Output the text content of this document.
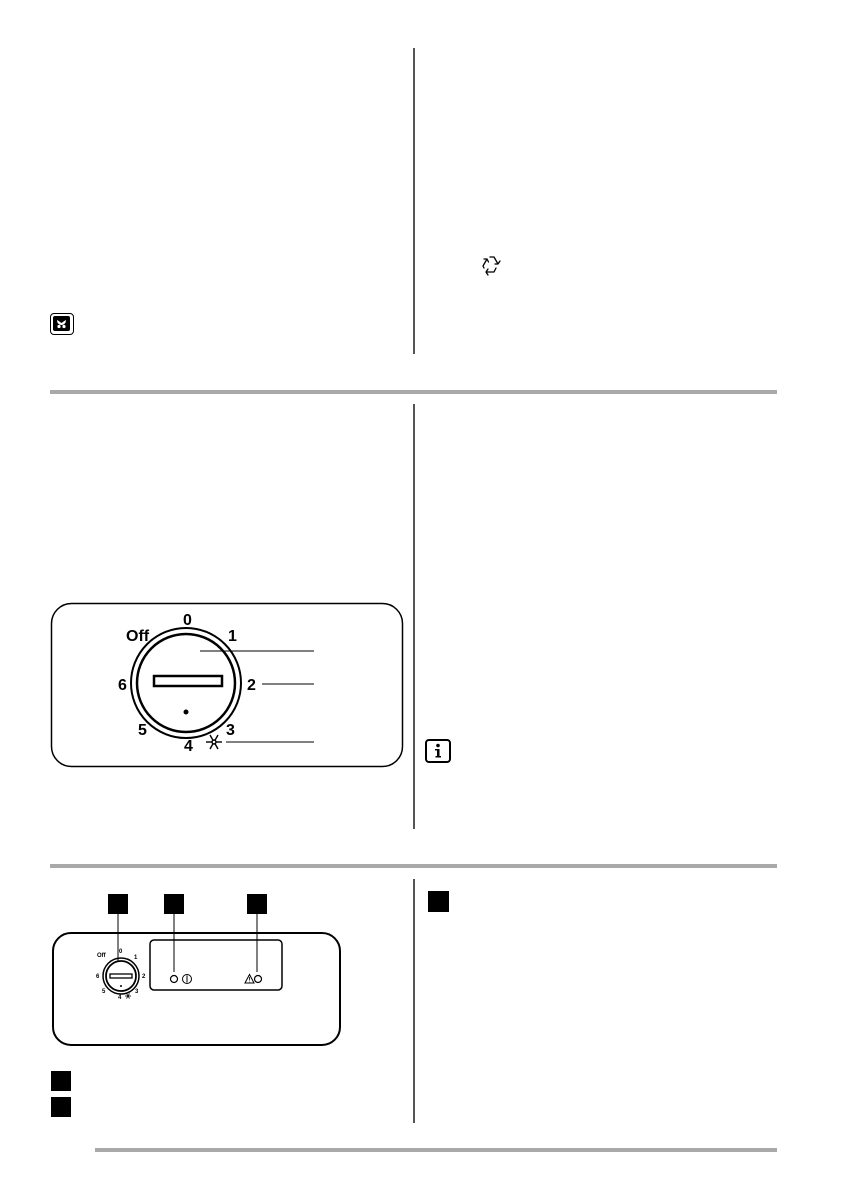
Off
0
1
2
3
4
5
6
Off
0
1
2
3
4
5
6
